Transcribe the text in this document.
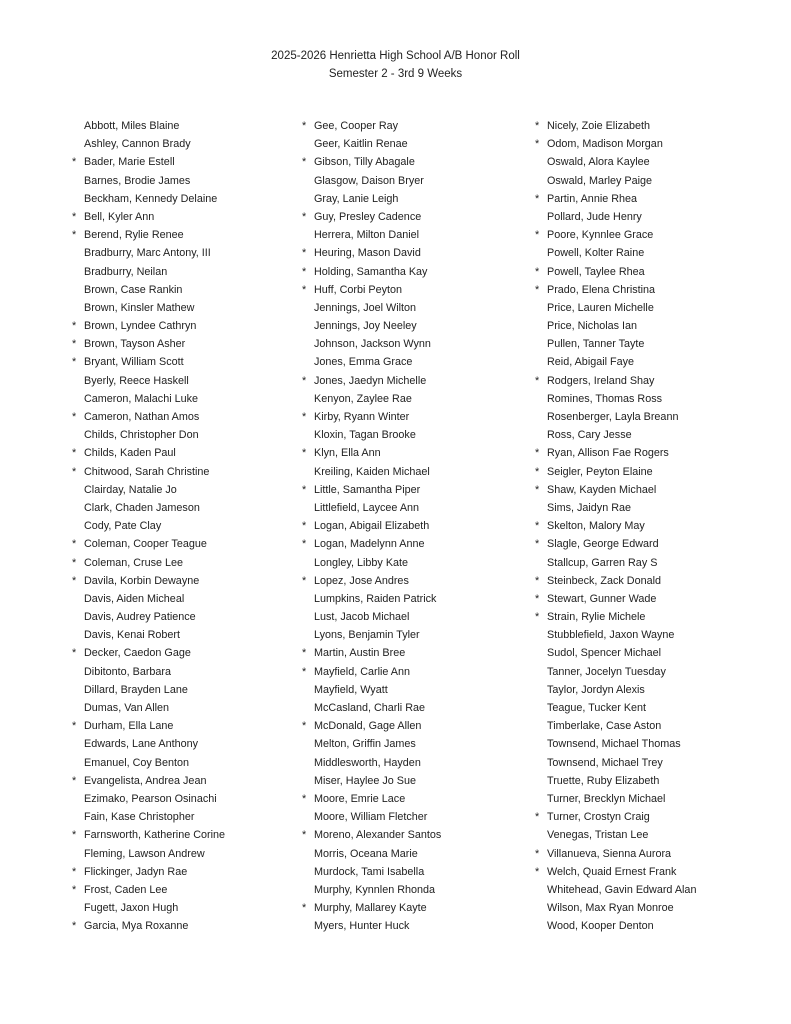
2025-2026 Henrietta High School A/B Honor Roll
Semester 2 - 3rd 9 Weeks
Abbott, Miles Blaine
Ashley, Cannon Brady
* Bader, Marie Estell
Barnes, Brodie James
Beckham, Kennedy Delaine
* Bell, Kyler Ann
* Berend, Rylie Renee
Bradburry, Marc Antony, III
Bradburry, Neilan
Brown, Case Rankin
Brown, Kinsler Mathew
* Brown, Lyndee Cathryn
* Brown, Tayson Asher
* Bryant, William Scott
Byerly, Reece Haskell
Cameron, Malachi Luke
* Cameron, Nathan Amos
Childs, Christopher Don
* Childs, Kaden Paul
* Chitwood, Sarah Christine
Clairday, Natalie Jo
Clark, Chaden Jameson
Cody, Pate Clay
* Coleman, Cooper Teague
* Coleman, Cruse Lee
* Davila, Korbin Dewayne
Davis, Aiden Micheal
Davis, Audrey Patience
Davis, Kenai Robert
* Decker, Caedon Gage
Dibitonto, Barbara
Dillard, Brayden Lane
Dumas, Van Allen
* Durham, Ella Lane
Edwards, Lane Anthony
Emanuel, Coy Benton
* Evangelista, Andrea Jean
Ezimako, Pearson Osinachi
Fain, Kase Christopher
* Farnsworth, Katherine Corine
Fleming, Lawson Andrew
* Flickinger, Jadyn Rae
* Frost, Caden Lee
Fugett, Jaxon Hugh
* Garcia, Mya Roxanne
* Gee, Cooper Ray
Geer, Kaitlin Renae
* Gibson, Tilly Abagale
Glasgow, Daison Bryer
Gray, Lanie Leigh
* Guy, Presley Cadence
Herrera, Milton Daniel
* Heuring, Mason David
* Holding, Samantha Kay
* Huff, Corbi Peyton
Jennings, Joel Wilton
Jennings, Joy Neeley
Johnson, Jackson Wynn
Jones, Emma Grace
* Jones, Jaedyn Michelle
Kenyon, Zaylee Rae
* Kirby, Ryann Winter
Kloxin, Tagan Brooke
* Klyn, Ella Ann
Kreiling, Kaiden Michael
* Little, Samantha Piper
Littlefield, Laycee Ann
* Logan, Abigail Elizabeth
* Logan, Madelynn Anne
Longley, Libby Kate
* Lopez, Jose Andres
Lumpkins, Raiden Patrick
Lust, Jacob Michael
Lyons, Benjamin Tyler
* Martin, Austin Bree
* Mayfield, Carlie Ann
Mayfield, Wyatt
McCasland, Charli Rae
* McDonald, Gage Allen
Melton, Griffin James
Middlesworth, Hayden
Miser, Haylee Jo Sue
* Moore, Emrie Lace
Moore, William Fletcher
* Moreno, Alexander Santos
Morris, Oceana Marie
Murdock, Tami Isabella
Murphy, Kynnlen Rhonda
* Murphy, Mallarey Kayte
Myers, Hunter Huck
* Nicely, Zoie Elizabeth
* Odom, Madison Morgan
Oswald, Alora Kaylee
Oswald, Marley Paige
* Partin, Annie Rhea
Pollard, Jude Henry
* Poore, Kynnlee Grace
Powell, Kolter Raine
* Powell, Taylee Rhea
* Prado, Elena Christina
Price, Lauren Michelle
Price, Nicholas Ian
Pullen, Tanner Tayte
Reid, Abigail Faye
* Rodgers, Ireland Shay
Romines, Thomas Ross
Rosenberger, Layla Breann
Ross, Cary Jesse
* Ryan, Allison Fae Rogers
* Seigler, Peyton Elaine
* Shaw, Kayden Michael
Sims, Jaidyn Rae
* Skelton, Malory May
* Slagle, George Edward
Stallcup, Garren Ray S
* Steinbeck, Zack Donald
* Stewart, Gunner Wade
* Strain, Rylie Michele
Stubblefield, Jaxon Wayne
Sudol, Spencer Michael
Tanner, Jocelyn Tuesday
Taylor, Jordyn Alexis
Teague, Tucker Kent
Timberlake, Case Aston
Townsend, Michael Thomas
Townsend, Michael Trey
Truette, Ruby Elizabeth
Turner, Brecklyn Michael
* Turner, Crostyn Craig
Venegas, Tristan Lee
* Villanueva, Sienna Aurora
* Welch, Quaid Ernest Frank
Whitehead, Gavin Edward Alan
Wilson, Max Ryan Monroe
Wood, Kooper Denton
